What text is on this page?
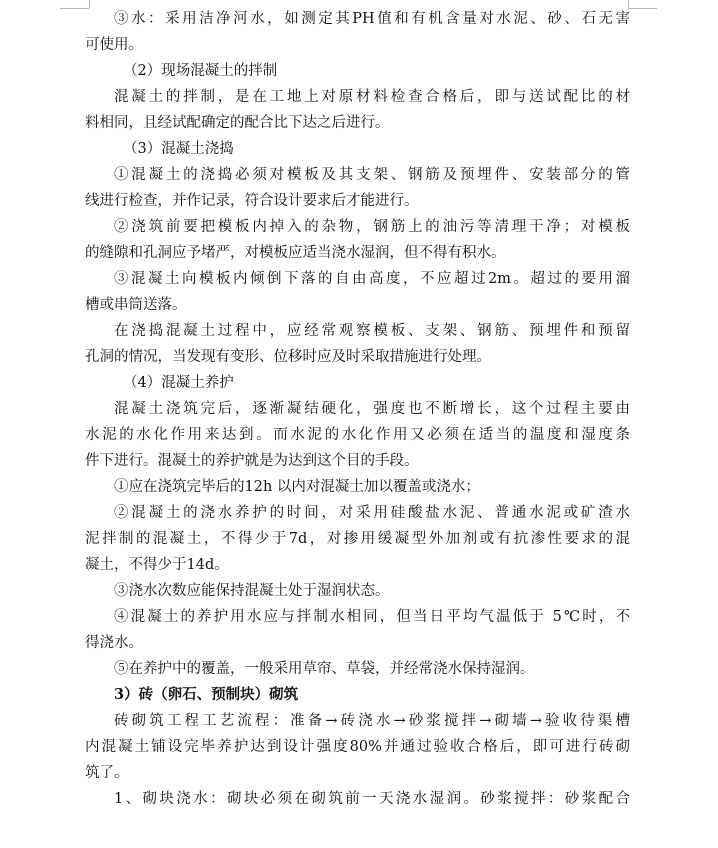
③水：采用洁净河水，如测定其PH值和有机含量对水泥、砂、石无害
可使用。
（2）现场混凝土的拌制
混凝土的拌制，是在工地上对原材料检查合格后，即与送试配比的材
料相同，且经试配确定的配合比下达之后进行。
（3）混凝土浇捣
①混凝土的浇捣必须对模板及其支架、钢筋及预埋件、安装部分的管
线进行检查，并作记录，符合设计要求后才能进行。
②浇筑前要把模板内掉入的杂物，钢筋上的油污等清理干净；对模板
的缝隙和孔洞应予堵严，对模板应适当浇水湿润，但不得有积水。
③混凝土向模板内倾倒下落的自由高度，不应超过2m。超过的要用溜
槽或串筒送落。
在浇捣混凝土过程中，应经常观察模板、支架、钢筋、预埋件和预留
孔洞的情况，当发现有变形、位移时应及时采取措施进行处理。
（4）混凝土养护
混凝土浇筑完后，逐渐凝结硬化，强度也不断增长，这个过程主要由
水泥的水化作用来达到。而水泥的水化作用又必须在适当的温度和湿度条
件下进行。混凝土的养护就是为达到这个目的手段。
①应在浇筑完毕后的12h 以内对混凝土加以覆盖或浇水；
②混凝土的浇水养护的时间，对采用硅酸盐水泥、普通水泥或矿渣水
泥拌制的混凝土，不得少于7d，对掺用缓凝型外加剂或有抗渗性要求的混
凝土，不得少于14d。
③浇水次数应能保持混凝土处于湿润状态。
④混凝土的养护用水应与拌制水相同，但当日平均气温低于 5℃时，不
得浇水。
⑤在养护中的覆盖，一般采用草帘、草袋，并经常浇水保持湿润。
3）砖（卵石、预制块）砌筑
砖砌筑工程工艺流程：准备→砖浇水→砂浆搅拌→砌墙→验收待渠槽
内混凝土铺设完毕养护达到设计强度80%并通过验收合格后，即可进行砖砌
筑了。
1、砌块浇水：砌块必须在砌筑前一天浇水湿润。砂浆搅拌：砂浆配合
